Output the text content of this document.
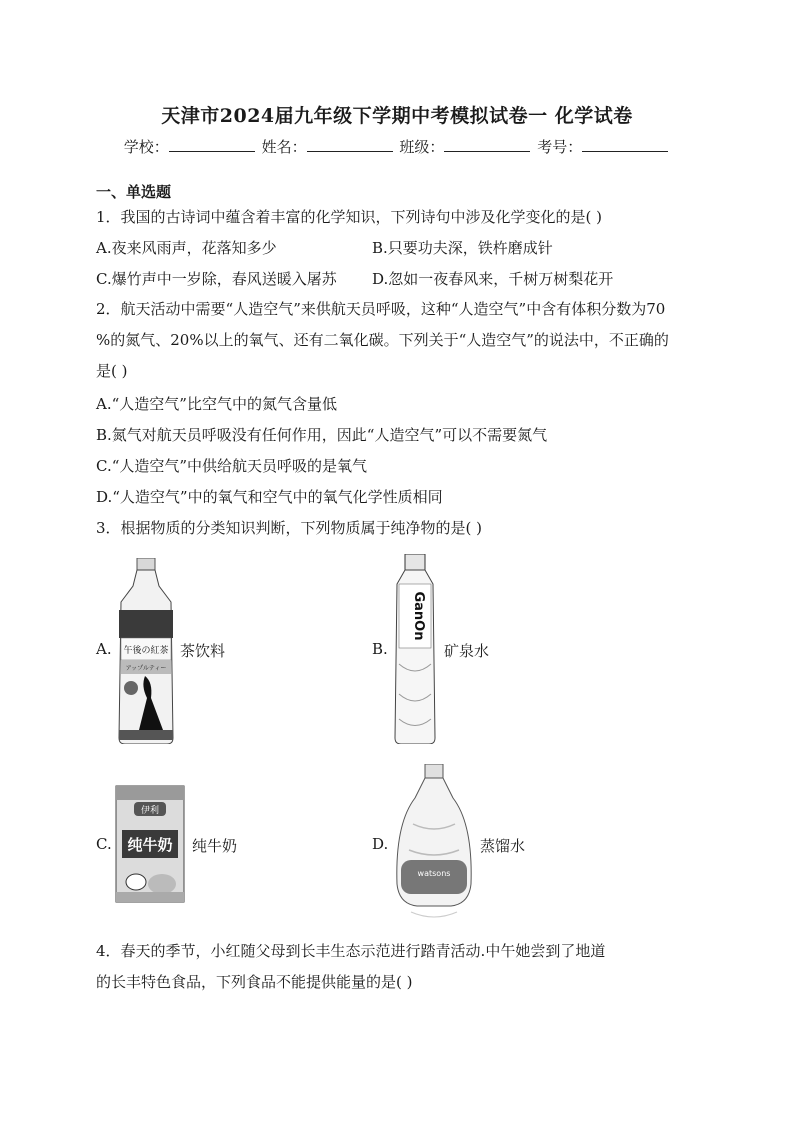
天津市2024届九年级下学期中考模拟试卷一 化学试卷
学校：	姓名：	班级：	考号：
一、单选题
1．我国的古诗词中蕴含着丰富的化学知识，下列诗句中涉及化学变化的是( )
A.夜来风雨声，花落知多少	B.只要功夫深，铁杵磨成针
C.爆竹声中一岁除，春风送暖入屠苏 D.忽如一夜春风来，千树万树梨花开
2．航天活动中需要“人造空气”来供航天员呼吸，这种“人造空气”中含有体积分数为70
%的氮气、20%以上的氧气、还有二氧化碳。下列关于“人造空气”的说法中，不正确的
是( )
A.“人造空气”比空气中的氮气含量低
B.氮气对航天员呼吸没有任何作用，因此“人造空气”可以不需要氮气
C.“人造空气”中供给航天员呼吸的是氧气
D.“人造空气”中的氧气和空气中的氧气化学性质相同
3．根据物质的分类知识判断，下列物质属于纯净物的是( )
A. 午後の紅茶
アップルティー
茶饮料	B.
GanOn
矿泉水
C.
伊利
纯牛奶 纯牛奶	D.
watsons
蒸馏水
4．春天的季节，小红随父母到长丰生态示范进行踏青活动.中午她尝到了地道
的长丰特色食品，下列食品不能提供能量的是( )
